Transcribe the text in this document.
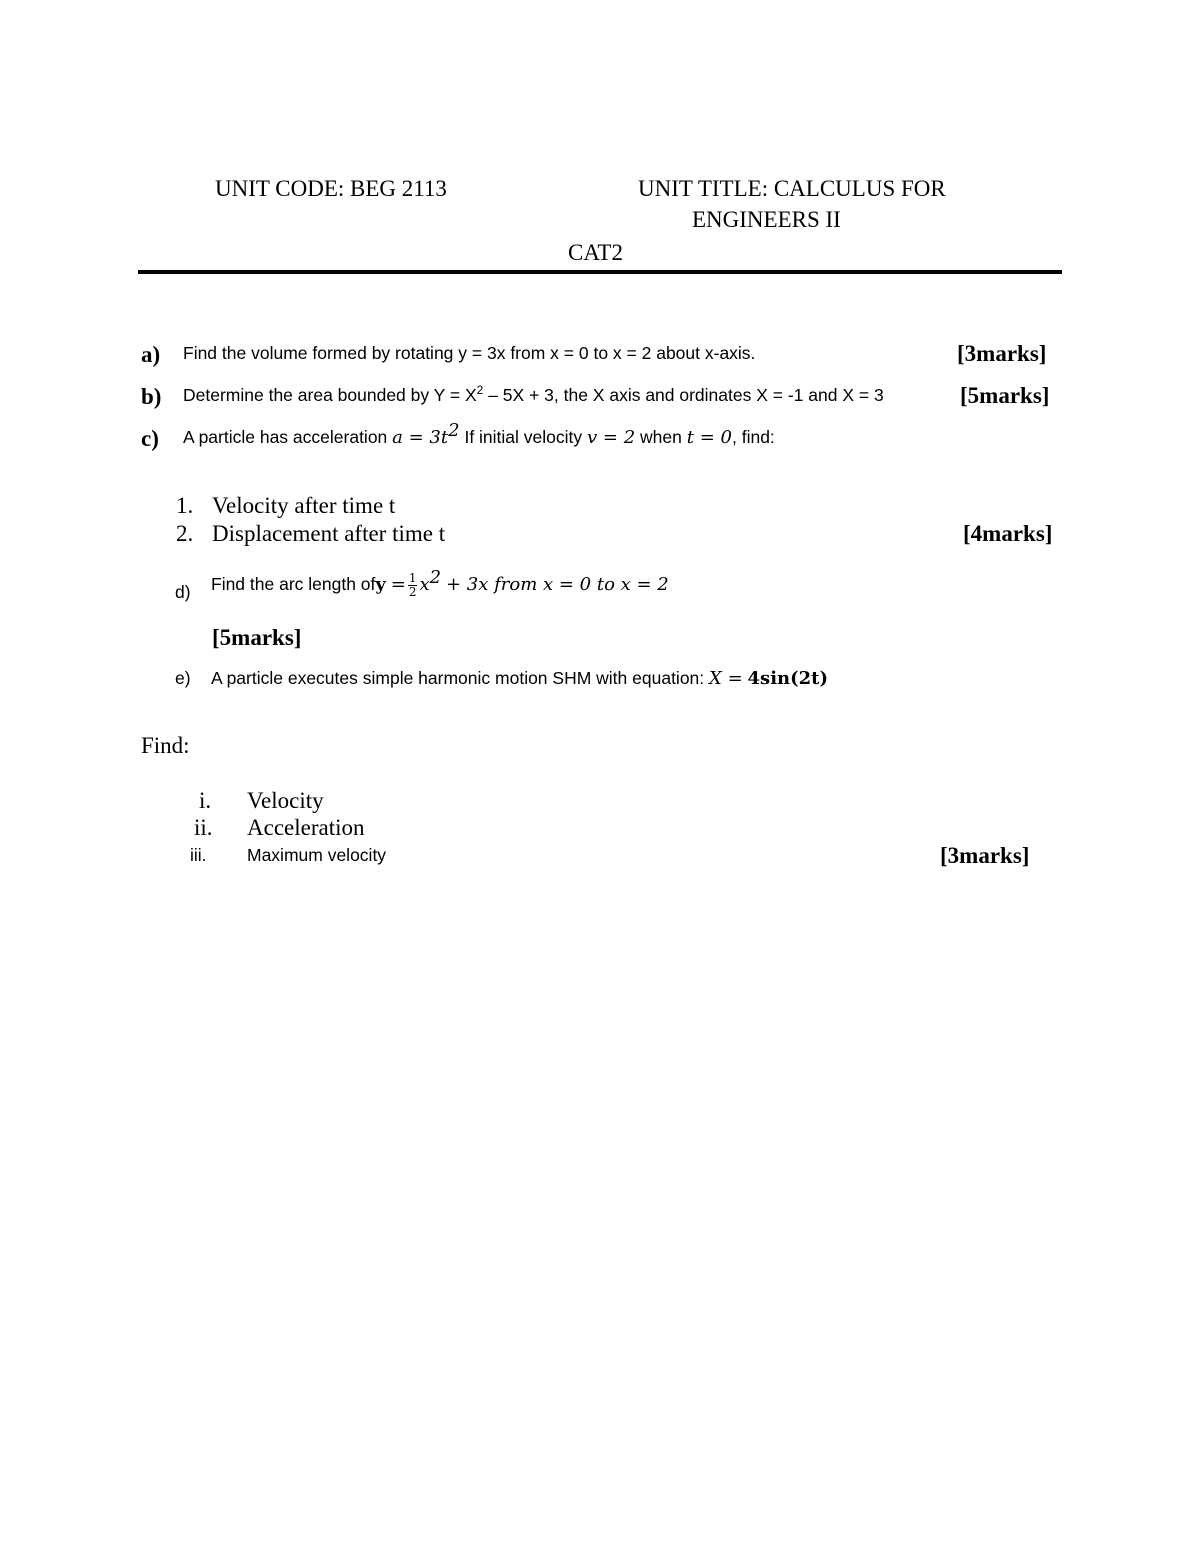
UNIT CODE: BEG 2113	UNIT TITLE: CALCULUS FOR
ENGINEERS II
CAT2
a) Find the volume formed by rotating y = 3x from x = 0 to x = 2 about x-axis.	[3marks]
b) Determine the area bounded by $Y = X^2 - 5X + 3$, the X axis and ordinates X = -1 and X = 3	[5marks]
c) A particle has acceleration $a = 3t^2$ If initial velocity v = 2 when t = 0, find:
1. Velocity after time t
2. Displacement after time t	[4marks]
d) Find the arc length ofy = $\frac{1}{2} x^2 + 3x$ from x = 0 to x = 2
[5marks]
e) A particle executes simple harmonic motion SHM with equation: X = 4sin(2t)
Find:
i. Velocity
ii. Acceleration
iii. Maximum velocity	[3marks]
